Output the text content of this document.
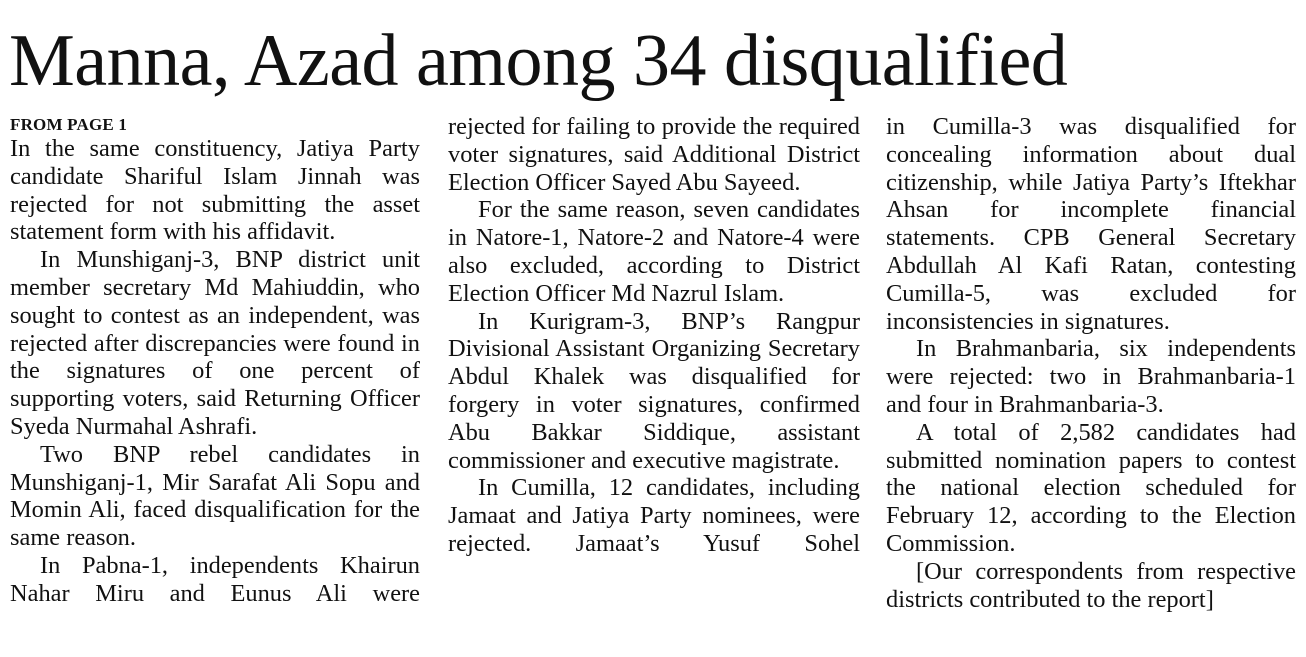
Manna, Azad among 34 disqualified
FROM PAGE 1

In the same constituency, Jatiya Party candidate Shariful Islam Jinnah was rejected for not submitting the asset statement form with his affidavit.

In Munshiganj-3, BNP district unit member secretary Md Mahiuddin, who sought to contest as an independent, was rejected after discrepancies were found in the signatures of one percent of supporting voters, said Returning Officer Syeda Nurmahal Ashrafi.

Two BNP rebel candidates in Munshiganj-1, Mir Sarafat Ali Sopu and Momin Ali, faced disqualification for the same reason.

In Pabna-1, independents Khairun Nahar Miru and Eunus Ali were

rejected for failing to provide the required voter signatures, said Additional District Election Officer Sayed Abu Sayeed.

For the same reason, seven candidates in Natore-1, Natore-2 and Natore-4 were also excluded, according to District Election Officer Md Nazrul Islam.

In Kurigram-3, BNP’s Rangpur Divisional Assistant Organizing Secretary Abdul Khalek was disqualified for forgery in voter signatures, confirmed Abu Bakkar Siddique, assistant commissioner and executive magistrate.

In Cumilla, 12 candidates, including Jamaat and Jatiya Party nominees, were rejected. Jamaat’s Yusuf Sohel

in Cumilla-3 was disqualified for concealing information about dual citizenship, while Jatiya Party’s Iftekhar Ahsan for incomplete financial statements. CPB General Secretary Abdullah Al Kafi Ratan, contesting Cumilla-5, was excluded for inconsistencies in signatures.

In Brahmanbaria, six independents were rejected: two in Brahmanbaria-1 and four in Brahmanbaria-3.

A total of 2,582 candidates had submitted nomination papers to contest the national election scheduled for February 12, according to the Election Commission.

[Our correspondents from respective districts contributed to the report]
